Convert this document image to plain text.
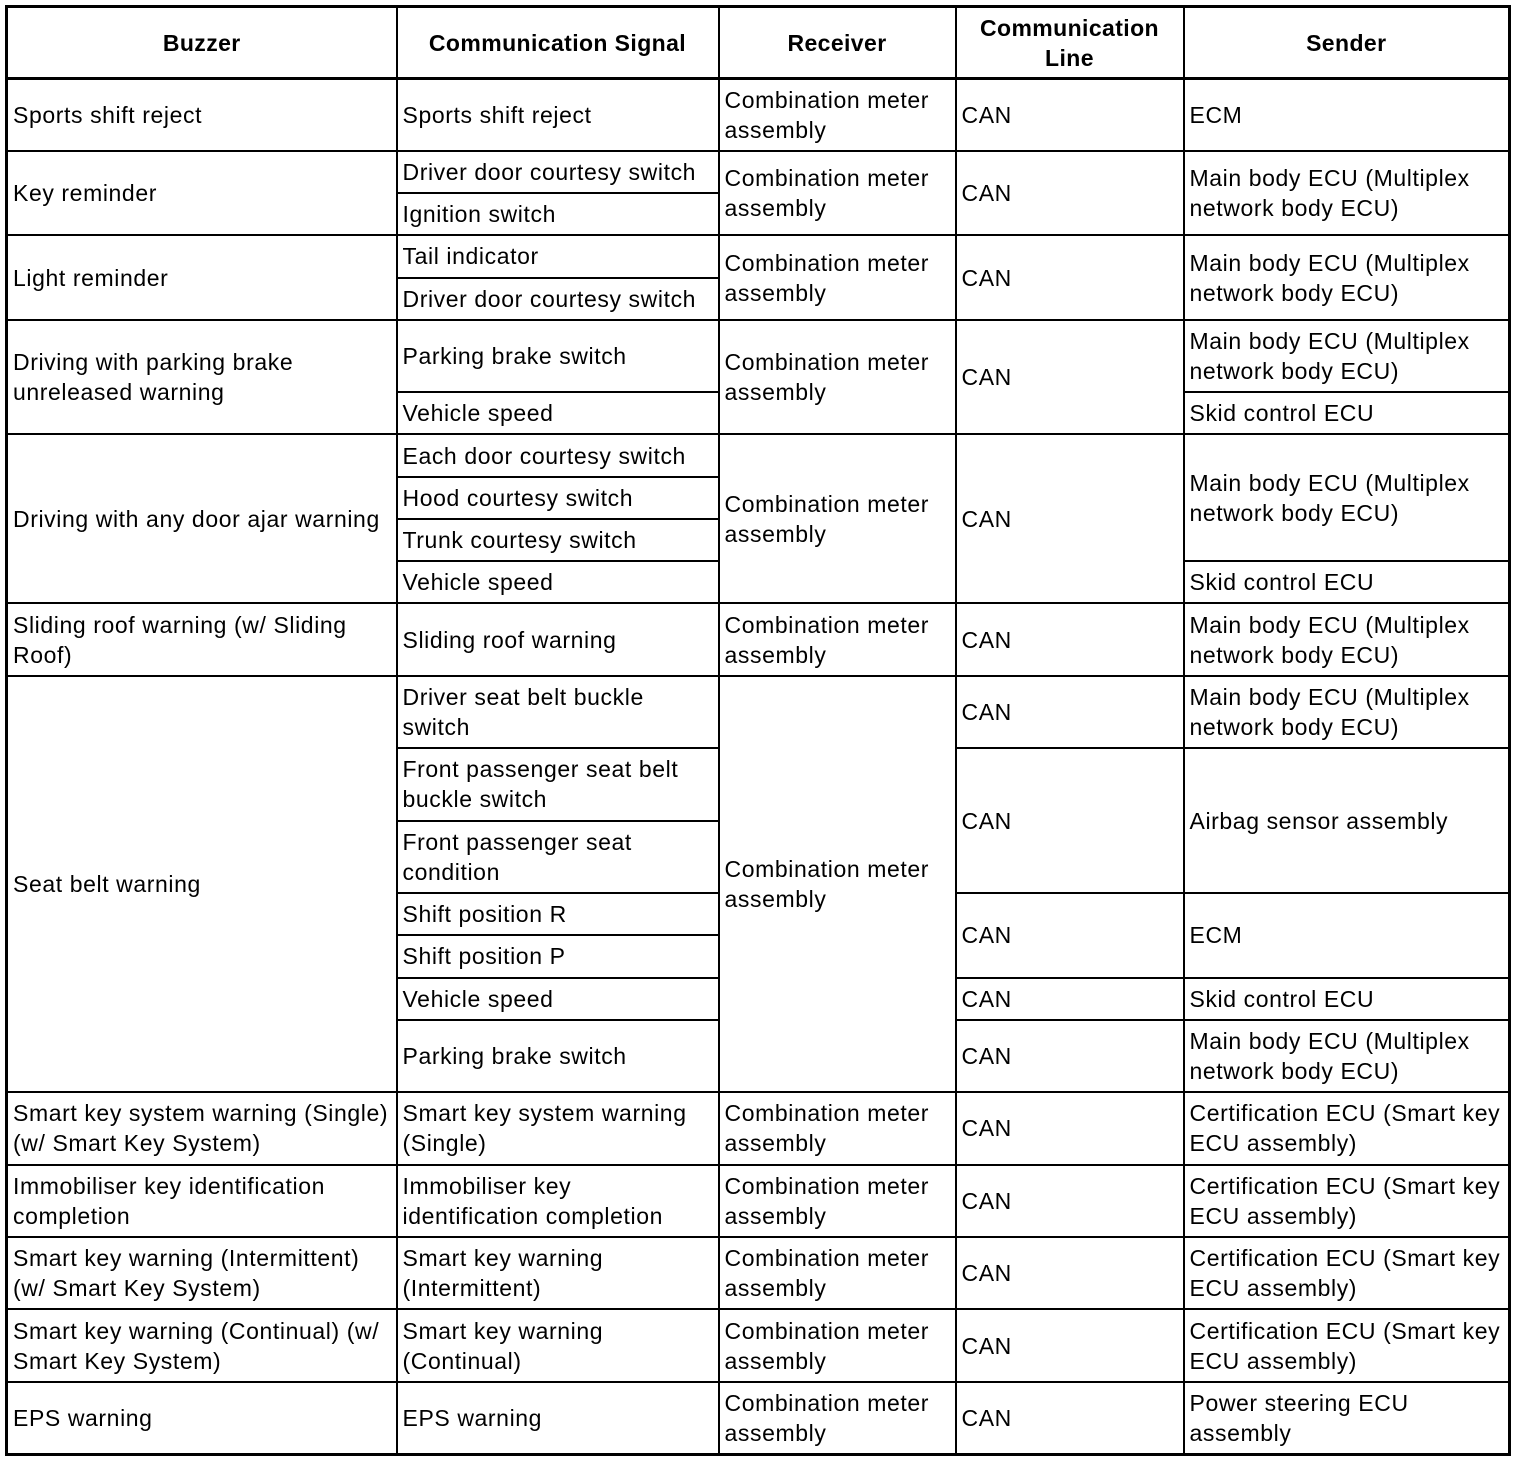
Buzzer	Communication Signal	Receiver	Communication Line	Sender
Sports shift reject	Sports shift reject	Combination meter assembly	CAN	ECM
Key reminder	Driver door courtesy switch	Combination meter assembly	CAN	Main body ECU (Multiplex network body ECU)
	Ignition switch			
Light reminder	Tail indicator	Combination meter assembly	CAN	Main body ECU (Multiplex network body ECU)
	Driver door courtesy switch			
Driving with parking brake unreleased warning	Parking brake switch	Combination meter assembly	CAN	Main body ECU (Multiplex network body ECU)
	Vehicle speed			Skid control ECU
Driving with any door ajar warning	Each door courtesy switch	Combination meter assembly	CAN	Main body ECU (Multiplex network body ECU)
	Hood courtesy switch			
	Trunk courtesy switch			
	Vehicle speed			Skid control ECU
Sliding roof warning (w/ Sliding Roof)	Sliding roof warning	Combination meter assembly	CAN	Main body ECU (Multiplex network body ECU)
Seat belt warning	Driver seat belt buckle switch	Combination meter assembly	CAN	Main body ECU (Multiplex network body ECU)
	Front passenger seat belt buckle switch		CAN	Airbag sensor assembly
	Front passenger seat condition			
	Shift position R		CAN	ECM
	Shift position P			
	Vehicle speed		CAN	Skid control ECU
	Parking brake switch		CAN	Main body ECU (Multiplex network body ECU)
Smart key system warning (Single) (w/ Smart Key System)	Smart key system warning (Single)	Combination meter assembly	CAN	Certification ECU (Smart key ECU assembly)
Immobiliser key identification completion	Immobiliser key identification completion	Combination meter assembly	CAN	Certification ECU (Smart key ECU assembly)
Smart key warning (Intermittent) (w/ Smart Key System)	Smart key warning (Intermittent)	Combination meter assembly	CAN	Certification ECU (Smart key ECU assembly)
Smart key warning (Continual) (w/ Smart Key System)	Smart key warning (Continual)	Combination meter assembly	CAN	Certification ECU (Smart key ECU assembly)
EPS warning	EPS warning	Combination meter assembly	CAN	Power steering ECU assembly
